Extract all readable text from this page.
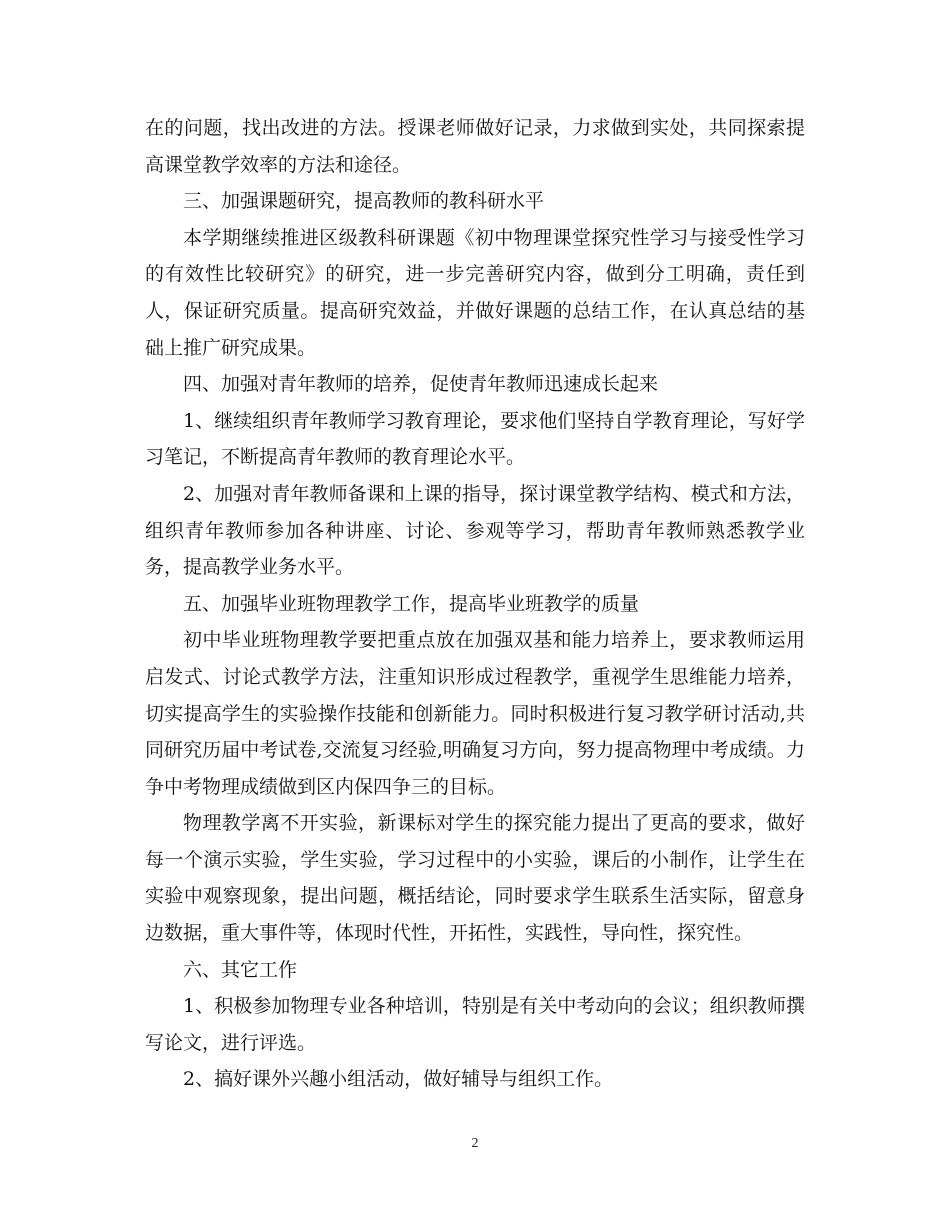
在的问题，找出改进的方法。授课老师做好记录，力求做到实处，共同探索提高课堂教学效率的方法和途径。

三、加强课题研究，提高教师的教科研水平

本学期继续推进区级教科研课题《初中物理课堂探究性学习与接受性学习的有效性比较研究》的研究，进一步完善研究内容，做到分工明确，责任到人，保证研究质量。提高研究效益，并做好课题的总结工作，在认真总结的基础上推广研究成果。

四、加强对青年教师的培养，促使青年教师迅速成长起来

1、继续组织青年教师学习教育理论，要求他们坚持自学教育理论，写好学习笔记，不断提高青年教师的教育理论水平。

2、加强对青年教师备课和上课的指导，探讨课堂教学结构、模式和方法，组织青年教师参加各种讲座、讨论、参观等学习，帮助青年教师熟悉教学业务，提高教学业务水平。

五、加强毕业班物理教学工作，提高毕业班教学的质量

初中毕业班物理教学要把重点放在加强双基和能力培养上，要求教师运用启发式、讨论式教学方法，注重知识形成过程教学，重视学生思维能力培养，切实提高学生的实验操作技能和创新能力。同时积极进行复习教学研讨活动,共同研究历届中考试卷,交流复习经验,明确复习方向，努力提高物理中考成绩。力争中考物理成绩做到区内保四争三的目标。

物理教学离不开实验，新课标对学生的探究能力提出了更高的要求，做好每一个演示实验，学生实验，学习过程中的小实验，课后的小制作，让学生在实验中观察现象，提出问题，概括结论，同时要求学生联系生活实际，留意身边数据，重大事件等，体现时代性，开拓性，实践性，导向性，探究性。

六、其它工作

1、积极参加物理专业各种培训，特别是有关中考动向的会议；组织教师撰写论文，进行评选。

2、搞好课外兴趣小组活动，做好辅导与组织工作。

2
